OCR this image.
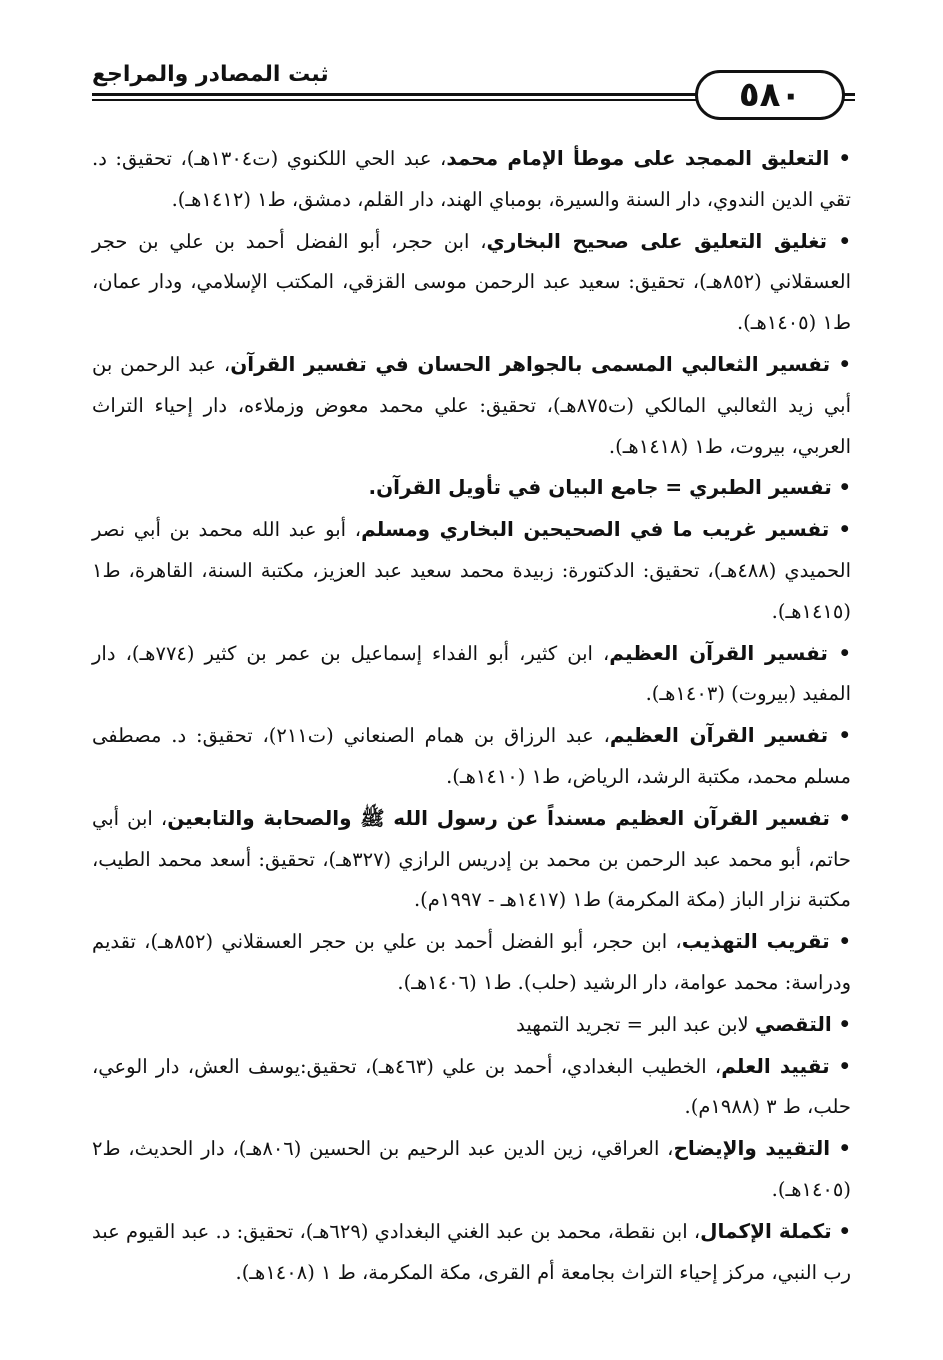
ثبت المصادر والمراجع
٥٨٠

• التعليق الممجد على موطأ الإمام محمد، عبد الحي اللكنوي (ت١٣٠٤هـ)، تحقيق: د. تقي الدين الندوي، دار السنة والسيرة، بومباي الهند، دار القلم، دمشق، ط١ (١٤١٢هـ).

• تغليق التعليق على صحيح البخاري، ابن حجر، أبو الفضل أحمد بن علي بن حجر العسقلاني (٨٥٢هـ)، تحقيق: سعيد عبد الرحمن موسى القزقي، المكتب الإسلامي، ودار عمان، ط١ (١٤٠٥هـ).

• تفسير الثعالبي المسمى بالجواهر الحسان في تفسير القرآن، عبد الرحمن بن أبي زيد الثعالبي المالكي (ت٨٧٥هـ)، تحقيق: علي محمد معوض وزملاءه، دار إحياء التراث العربي، بيروت، ط١ (١٤١٨هـ).

• تفسير الطبري = جامع البيان في تأويل القرآن.

• تفسير غريب ما في الصحيحين البخاري ومسلم، أبو عبد الله محمد بن أبي نصر الحميدي (٤٨٨هـ)، تحقيق: الدكتورة: زبيدة محمد سعيد عبد العزيز، مكتبة السنة، القاهرة، ط١ (١٤١٥هـ).

• تفسير القرآن العظيم، ابن كثير، أبو الفداء إسماعيل بن عمر بن كثير (٧٧٤هـ)، دار المفيد (بيروت) (١٤٠٣هـ).

• تفسير القرآن العظيم، عبد الرزاق بن همام الصنعاني (ت٢١١)، تحقيق: د. مصطفى مسلم محمد، مكتبة الرشد، الرياض، ط١ (١٤١٠هـ).

• تفسير القرآن العظيم مسنداً عن رسول الله ﷺ والصحابة والتابعين، ابن أبي حاتم، أبو محمد عبد الرحمن بن محمد بن إدريس الرازي (٣٢٧هـ)، تحقيق: أسعد محمد الطيب، مكتبة نزار الباز (مكة المكرمة) ط١ (١٤١٧هـ - ١٩٩٧م).

• تقريب التهذيب، ابن حجر، أبو الفضل أحمد بن علي بن حجر العسقلاني (٨٥٢هـ)، تقديم ودراسة: محمد عوامة، دار الرشيد (حلب). ط١ (١٤٠٦هـ).

• التقصي لابن عبد البر = تجريد التمهيد

• تقييد العلم، الخطيب البغدادي، أحمد بن علي (٤٦٣هـ)، تحقيق:يوسف العش، دار الوعي، حلب، ط ٣ (١٩٨٨م).

• التقييد والإيضاح، العراقي، زين الدين عبد الرحيم بن الحسين (٨٠٦هـ)، دار الحديث، ط٢ (١٤٠٥هـ).

• تكملة الإكمال، ابن نقطة، محمد بن عبد الغني البغدادي (٦٢٩هـ)، تحقيق: د. عبد القيوم عبد رب النبي، مركز إحياء التراث بجامعة أم القرى، مكة المكرمة، ط ١ (١٤٠٨هـ).
